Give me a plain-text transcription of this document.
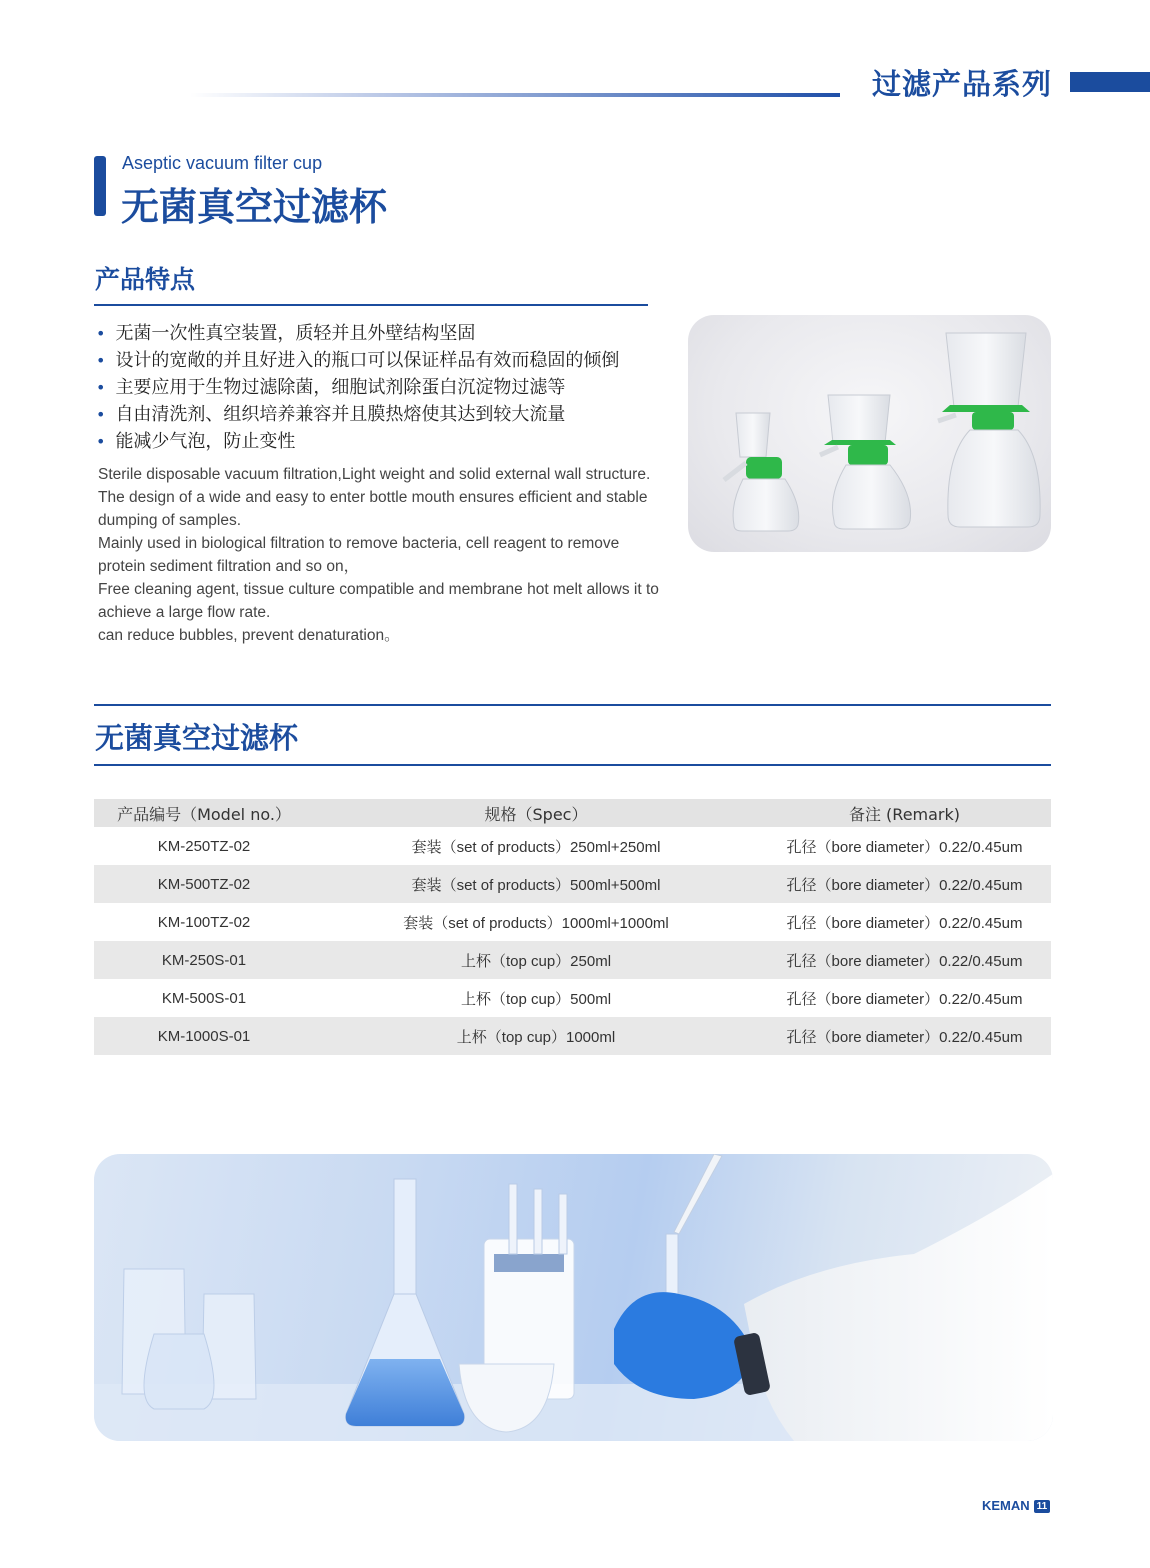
过滤产品系列
Aseptic vacuum filter cup
无菌真空过滤杯
产品特点
• 无菌一次性真空装置，质轻并且外壁结构坚固
• 设计的宽敞的并且好进入的瓶口可以保证样品有效而稳固的倾倒
• 主要应用于生物过滤除菌，细胞试剂除蛋白沉淀物过滤等
• 自由清洗剂、组织培养兼容并且膜热熔使其达到较大流量
• 能减少气泡，防止变性
Sterile disposable vacuum filtration,Light weight and solid external wall structure.
The design of a wide and easy to enter bottle mouth ensures efficient and stable
dumping of samples.
Mainly used in biological filtration to remove bacteria, cell reagent to remove
protein sediment filtration and so on，
Free cleaning agent, tissue culture compatible and membrane hot melt allows it to
achieve a large flow rate.
can reduce bubbles, prevent denaturation。
无菌真空过滤杯
产品编号（Model no.）	规格（Spec）	备注 (Remark)
KM-250TZ-02	套装（set of products）250ml+250ml	孔径（bore diameter）0.22/0.45um
KM-500TZ-02	套装（set of products）500ml+500ml	孔径（bore diameter）0.22/0.45um
KM-100TZ-02	套装（set of products）1000ml+1000ml	孔径（bore diameter）0.22/0.45um
KM-250S-01	上杯（top cup）250ml	孔径（bore diameter）0.22/0.45um
KM-500S-01	上杯（top cup）500ml	孔径（bore diameter）0.22/0.45um
KM-1000S-01	上杯（top cup）1000ml	孔径（bore diameter）0.22/0.45um
KEMAN 11
